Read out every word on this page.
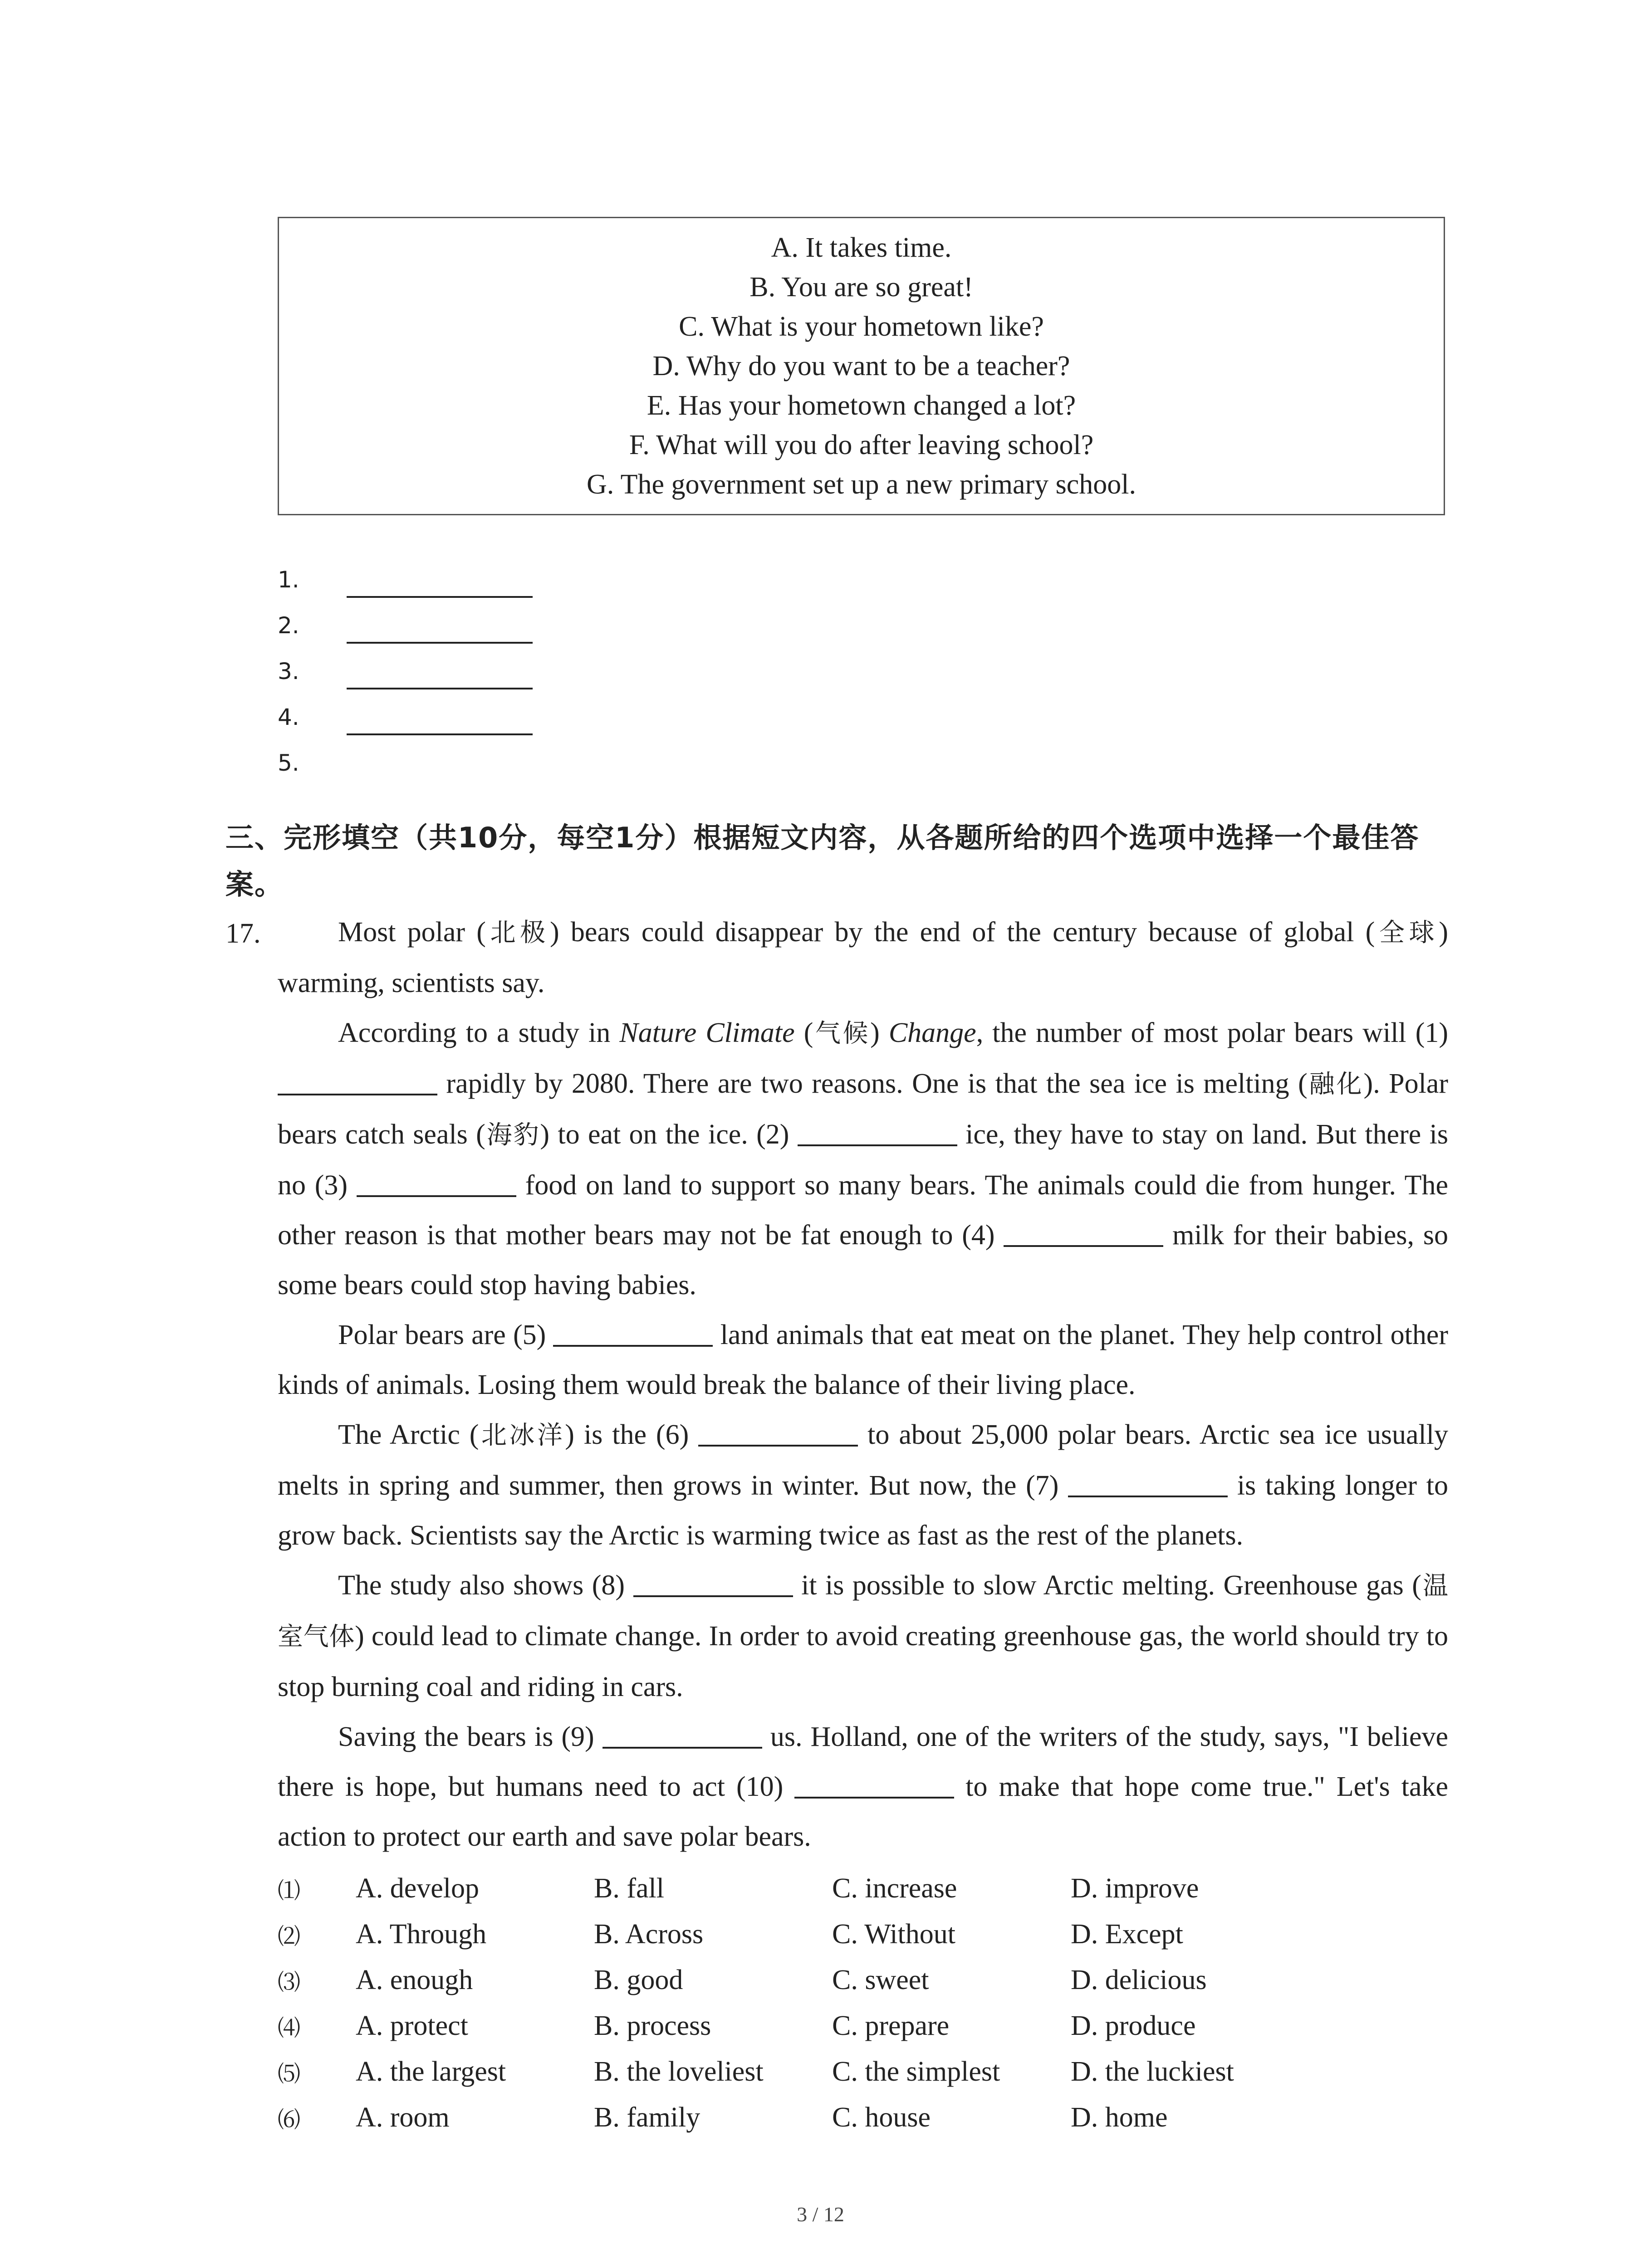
A. It takes time.
B. You are so great!
C. What is your hometown like?
D. Why do you want to be a teacher?
E. Has your hometown changed a lot?
F. What will you do after leaving school?
G. The government set up a new primary school.
1.
2.
3.
4.
5.
三、完形填空（共10分，每空1分）根据短文内容，从各题所给的四个选项中选择一个最佳答案。
17.	Most polar (北极) bears could disappear by the end of the century because of global (全球) warming, scientists say.

According to a study in Nature Climate (气候) Change, the number of most polar bears will (1)  rapidly by 2080. There are two reasons. One is that the sea ice is melting (融化). Polar bears catch seals (海豹) to eat on the ice. (2)	ice, they have to stay on land. But there is no (3)	food on land to support so many bears. The animals could die from hunger. The other reason is that mother bears may not be fat enough to (4)	milk for their babies, so some bears could stop having babies.

Polar bears are (5)	land animals that eat meat on the planet. They help control other kinds of animals. Losing them would break the balance of their living place.

The Arctic (北冰洋) is the (6)	to about 25,000 polar bears. Arctic sea ice usually melts in spring and summer, then grows in winter. But now, the (7)	is taking longer to grow back. Scientists say the Arctic is warming twice as fast as the rest of the planets.

The study also shows (8)	it is possible to slow Arctic melting. Greenhouse gas (温室气体) could lead to climate change. In order to avoid creating greenhouse gas, the world should try to stop burning coal and riding in cars.

Saving the bears is (9)	us. Holland, one of the writers of the study, says, "I believe there is hope, but humans need to act (10)	to make that hope come true." Let's take action to protect our earth and save polar bears.

⑴ A. develop	B. fall	C. increase	D. improve
⑵ A. Through	B. Across	C. Without	D. Except
⑶ A. enough	B. good	C. sweet	D. delicious
⑷ A. protect	B. process	C. prepare	D. produce
⑸ A. the largest	B. the loveliest C. the simplest	D. the luckiest
⑹ A. room	B. family	C. house	D. home
3 / 12
